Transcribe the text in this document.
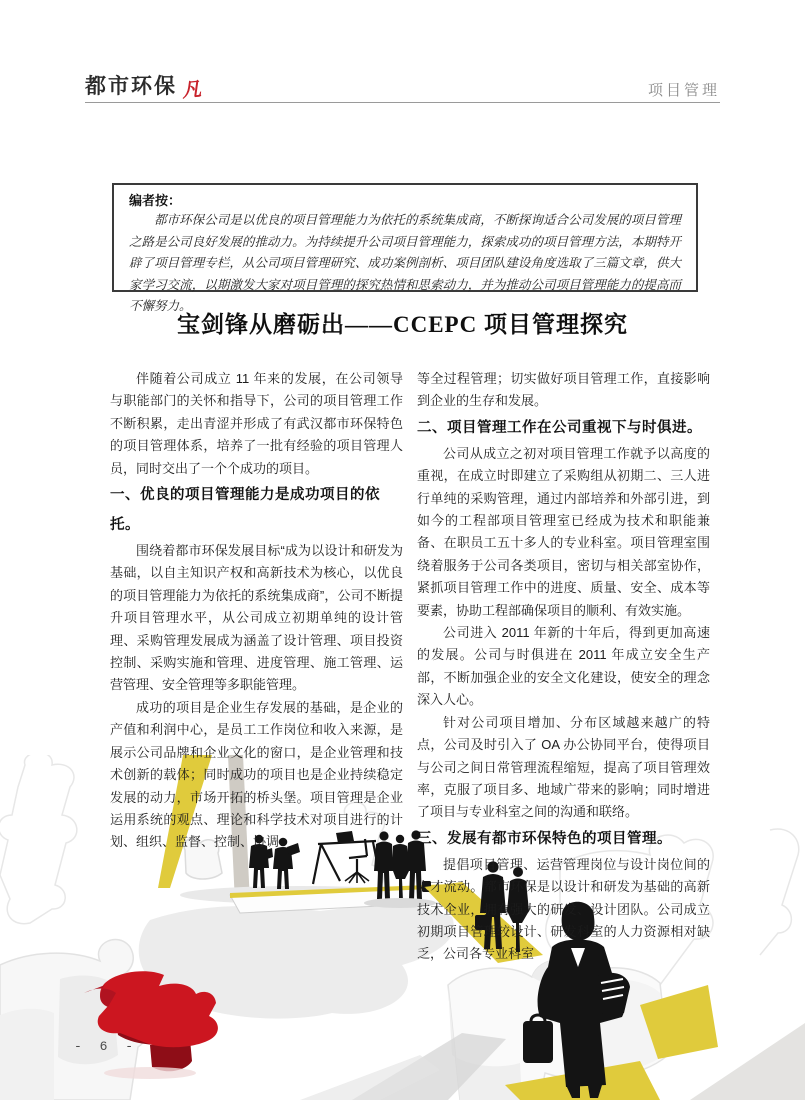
都市环保 凡	项目管理
编者按：
都市环保公司是以优良的项目管理能力为依托的系统集成商，不断探询适合公司发展的项目管理之路是公司良好发展的推动力。为持续提升公司项目管理能力，探索成功的项目管理方法，本期特开辟了项目管理专栏，从公司项目管理研究、成功案例剖析、项目团队建设角度选取了三篇文章，供大家学习交流，以期激发大家对项目管理的探究热情和思索动力，并为推动公司项目管理能力的提高而不懈努力。
宝剑锋从磨砺出——CCEPC 项目管理探究

伴随着公司成立 11 年来的发展，在公司领导与职能部门的关怀和指导下，公司的项目管理工作不断积累，走出青涩并形成了有武汉都市环保特色的项目管理体系，培养了一批有经验的项目管理人员，同时交出了一个个成功的项目。

一、优良的项目管理能力是成功项目的依托。

围绕着都市环保发展目标“成为以设计和研发为基础，以自主知识产权和高新技术为核心，以优良的项目管理能力为依托的系统集成商”，公司不断提升项目管理水平，从公司成立初期单纯的设计管理、采购管理发展成为涵盖了设计管理、项目投资控制、采购实施和管理、进度管理、施工管理、运营管理、安全管理等多职能管理。

成功的项目是企业生存发展的基础，是企业的产值和利润中心，是员工工作岗位和收入来源，是展示公司品牌和企业文化的窗口，是企业管理和技术创新的载体；同时成功的项目也是企业持续稳定发展的动力，市场开拓的桥头堡。项目管理是企业运用系统的观点、理论和科学技术对项目进行的计划、组织、监督、控制、协调

等全过程管理；切实做好项目管理工作，直接影响到企业的生存和发展。

二、项目管理工作在公司重视下与时俱进。

公司从成立之初对项目管理工作就予以高度的重视，在成立时即建立了采购组从初期二、三人进行单纯的采购管理，通过内部培养和外部引进，到如今的工程部项目管理室已经成为技术和职能兼备、在职员工五十多人的专业科室。项目管理室围绕着服务于公司各类项目，密切与相关部室协作，紧抓项目管理工作中的进度、质量、安全、成本等要素，协助工程部确保项目的顺利、有效实施。

公司进入 2011 年新的十年后，得到更加高速的发展。公司与时俱进在 2011 年成立安全生产部，不断加强企业的安全文化建设，使安全的理念深入人心。

针对公司项目增加、分布区域越来越广的特点，公司及时引入了 OA 办公协同平台，使得项目与公司之间日常管理流程缩短，提高了项目管理效率，克服了项目多、地域广带来的影响；同时增进了项目与专业科室之间的沟通和联络。

三、发展有都市环保特色的项目管理。

提倡项目管理、运营管理岗位与设计岗位间的人才流动。都市环保是以设计和研发为基础的高新技术企业，拥有强大的研发、设计团队。公司成立初期项目管理较设计、研发科室的人力资源相对缺乏，公司各专业科室

- 6 -
